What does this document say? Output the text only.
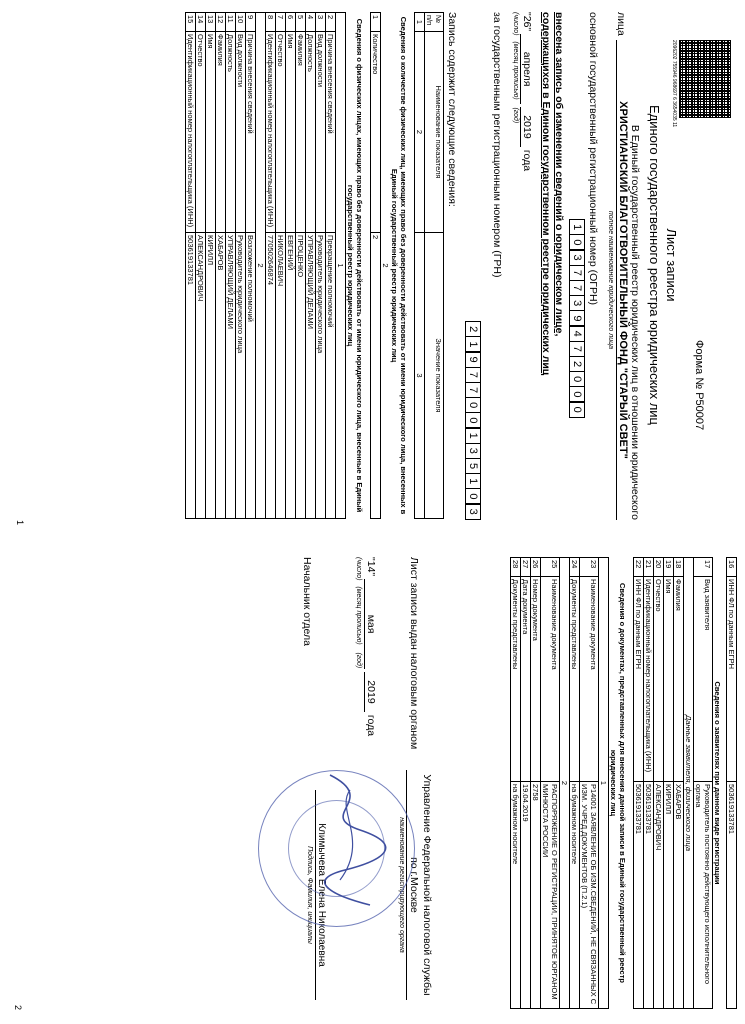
2096202 755946 968697 6 3654035 11
Форма № Р50007
Лист записи
Единого государственного реестра юридических лиц
В Единый государственный реестр юридических лиц в отношении юридического
лица
ХРИСТИАНСКИЙ БЛАГОТВОРИТЕЛЬНЫЙ ФОНД "СТАРЫЙ СВЕТ"
полное наименование юридического лица
основной государственный регистрационный номер (ОГРН)
1
0
3
7
7
3
9
4
7
2
0
0
0
внесена запись об изменении сведений о юридическом лице,
содержащихся в Едином государственном реестре юридических лиц
"26" апреля 2019 года
(число)   (месяц прописью)    (год)
за государственным регистрационным номером (ГРН)
2
1
9
7
7
0
0
1
3
5
1
0
3
Запись содержит следующие сведения:
№ п/п	Наименование показателя	Значение показателя
1	2	3
Сведения о количестве физических лиц, имеющих право без доверенности действовать от имени юридического лица, внесенных в Единый государственный реестр юридических лиц		
2		
1	Количество	2
Сведения о физических лицах, имеющих право без доверенности действовать от имени юридического лица, внесенные в Единый государственный реестр юридических лиц		
1		
2	Причина внесения сведений	Прекращение полномочий
3	Вид должности	Руководитель юридического лица
4	Должность	УПРАВЛЯЮЩИЙ ДЕЛАМИ
5	Фамилия	ПРОЦЕНКО
6	Имя	ЕВГЕНИЙ
7	Отчество	НИКОЛАЕВИЧ
8	Идентификационный номер налогоплательщика (ИНН)	770502646874
2		
9	Причина внесения сведений	Возложение полномочий
10	Вид должности	Руководитель юридического лица
11	Должность	УПРАВЛЯЮЩИЙ ДЕЛАМИ
12	Фамилия	ХАБАРОВ
13	Имя	КИРИЛЛ
14	Отчество	АЛЕКСАНДРОВИЧ
15	Идентификационный номер налогоплательщика (ИНН)	503619133781
1
16	ИНН ФЛ по данным ЕГРН	503619133781
Сведения о заявителях при данном виде регистрации		
17	Вид заявителя	Руководитель постоянно действующего исполнительного органа
Данные заявителя, физического лица		
18	Фамилия	ХАБАРОВ
19	Имя	КИРИЛЛ
20	Отчество	АЛЕКСАНДРОВИЧ
21	Идентификационный номер налогоплательщика (ИНН)	503619133781
22	ИНН ФЛ по данным ЕГРН	503619133781
Сведения о документах, представленных для внесения данной записи в Единый государственный реестр юридических лиц		
1		
23	Наименование документа	Р14001 ЗАЯВЛЕНИЕ ОБ ИЗМ.СВЕДЕНИЙ, НЕ СВЯЗАННЫХ С ИЗМ. УЧРЕД.ДОКУМЕНТОВ (П.2.1)
24	Документы представлены	на бумажном носителе
2		
25	Наименование документа	РАСПОРЯЖЕНИЕ О РЕГИСТРАЦИИ, ПРИНЯТОЕ ЮРГАНОМ МИНЮСТА РОССИИ
26	Номер документа	2758
27	Дата документа	19.04.2019
28	Документы представлены	на бумажном носителе
Лист записи выдан налоговым органом
Управление Федеральной налоговой службы по г.Москве
наименование регистрирующего органа
"14" мая 2019 года
(число)   (месяц прописью)    (год)
Начальник отдела
Климычева Елена Николаевна
Подпись, Фамилия, инициалы
2
